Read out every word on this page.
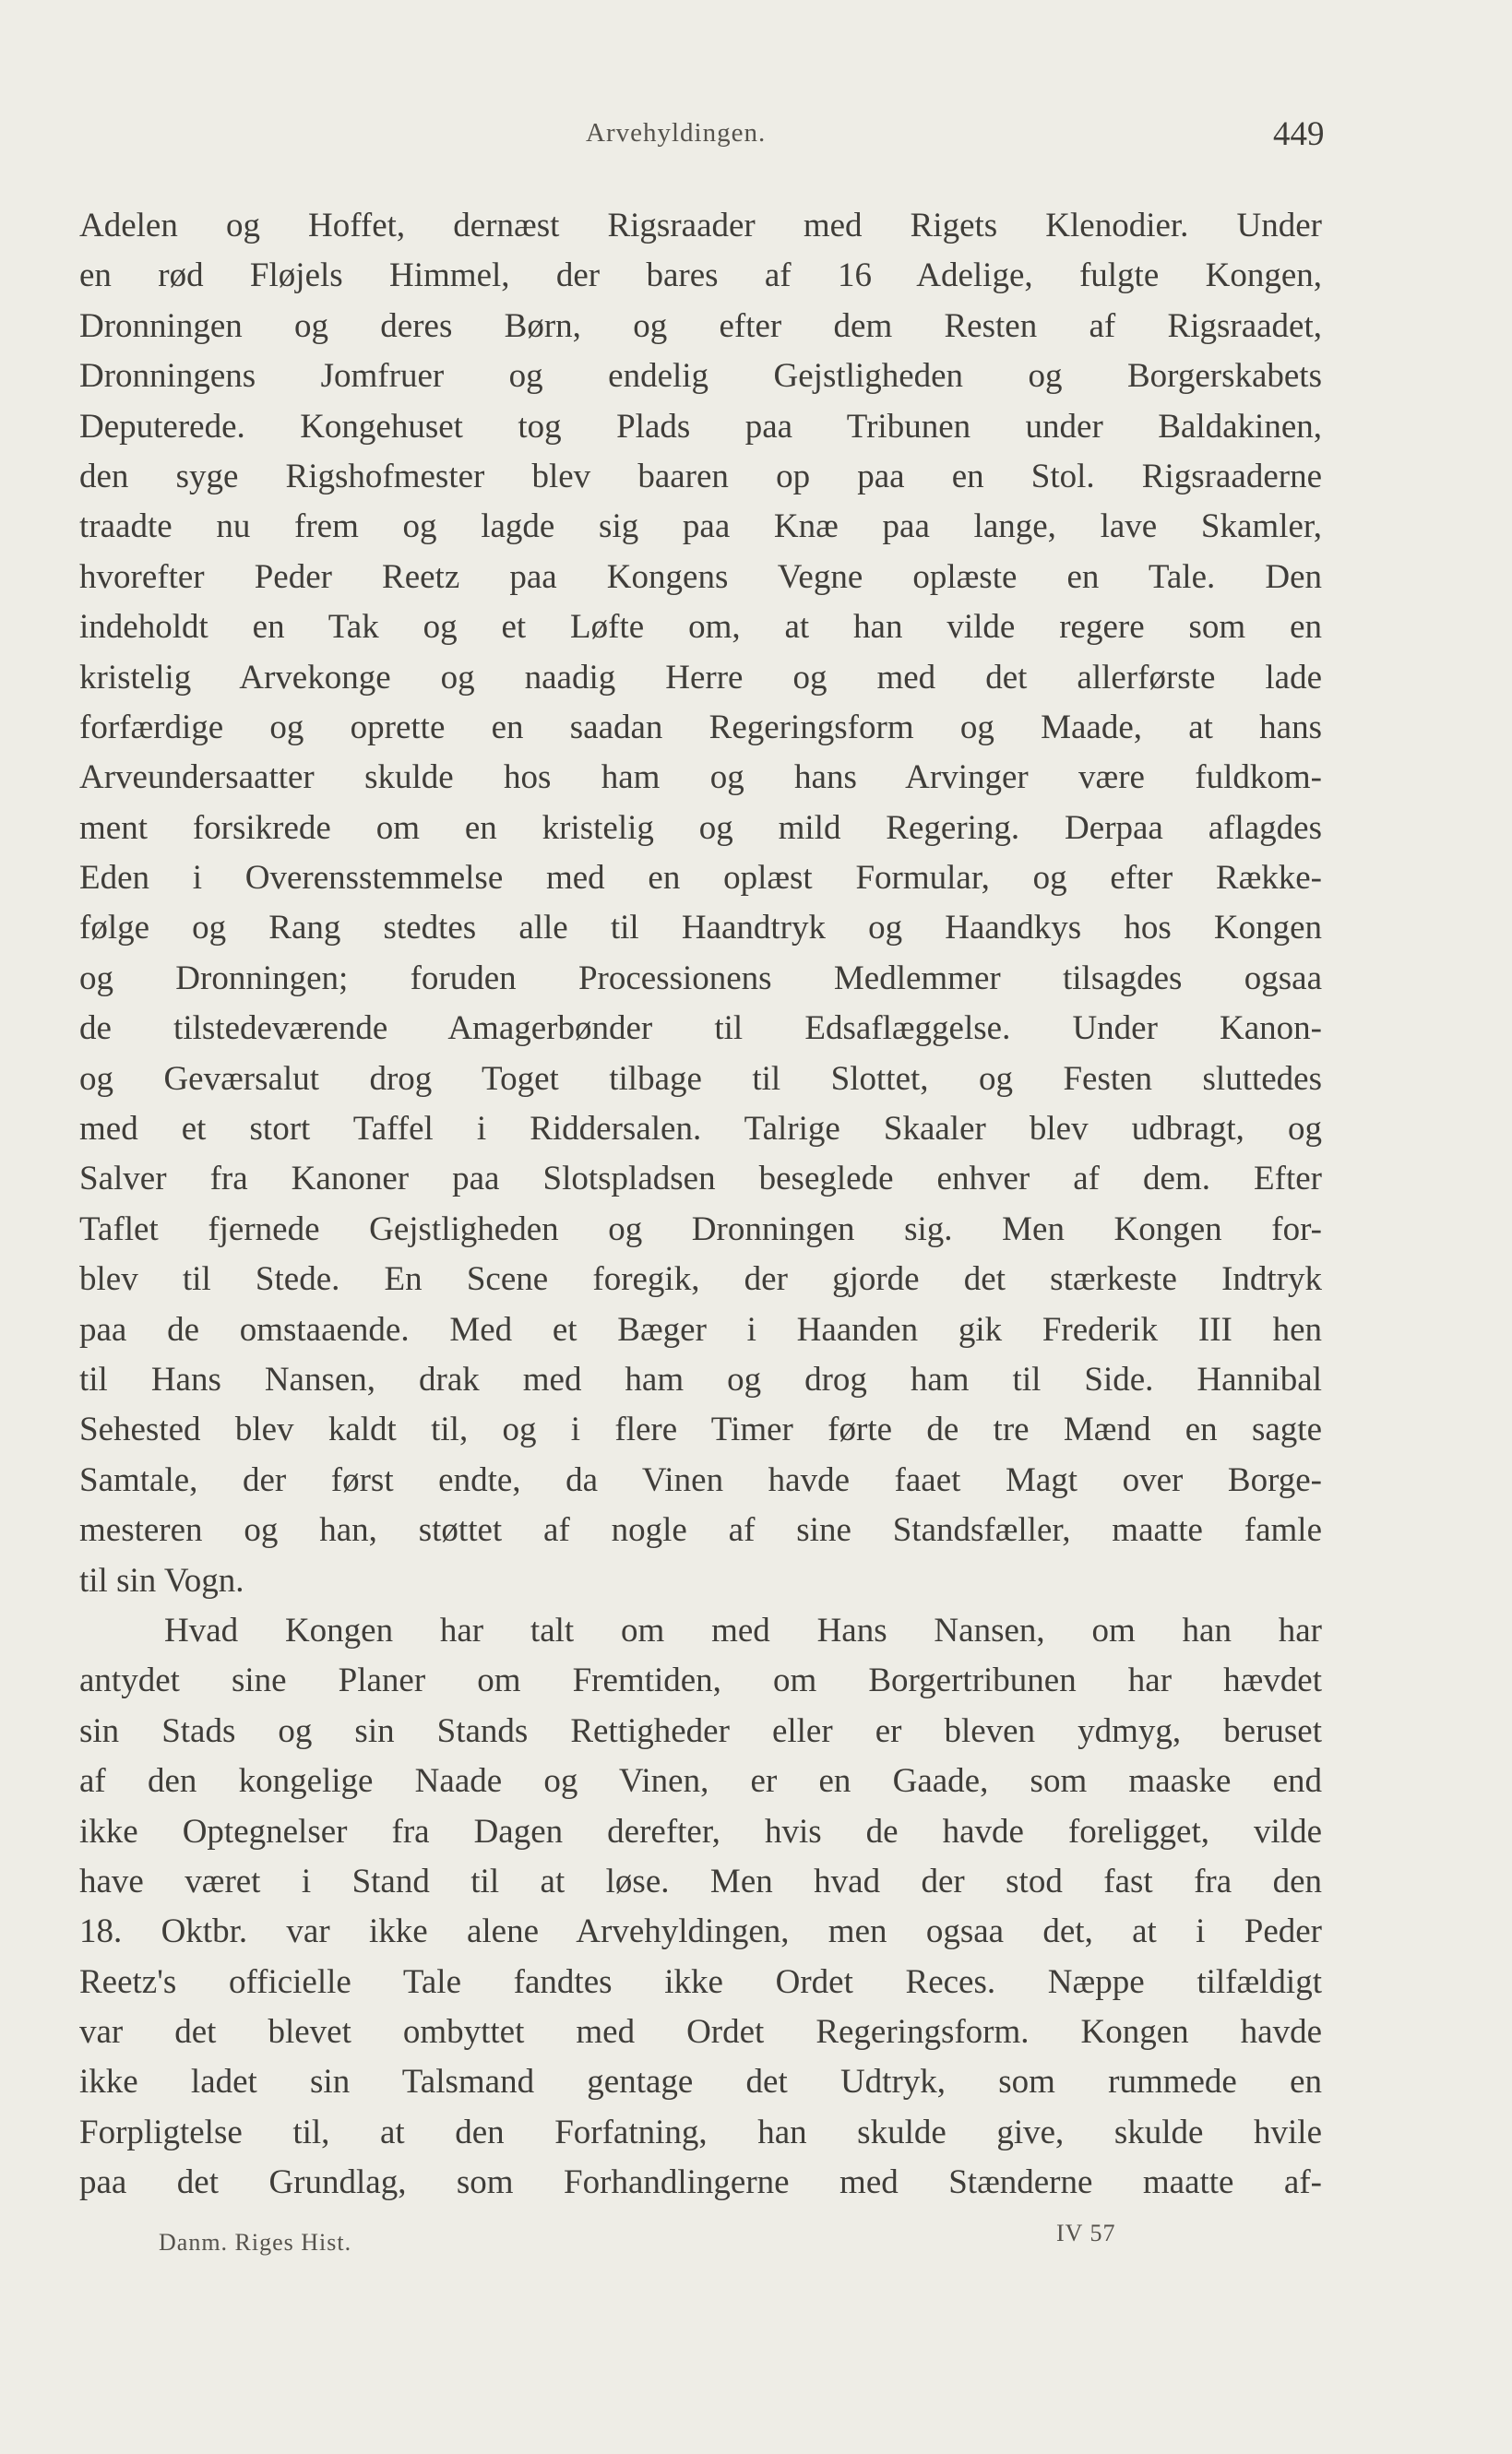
Arvehyldingen.	449
Adelen og Hoffet, dernæst Rigsraader med Rigets Klenodier. Under
en rød Fløjels Himmel, der bares af 16 Adelige, fulgte Kongen,
Dronningen og deres Børn, og efter dem Resten af Rigsraadet,
Dronningens Jomfruer og endelig Gejstligheden og Borgerskabets
Deputerede. Kongehuset tog Plads paa Tribunen under Baldakinen,
den syge Rigshofmester blev baaren op paa en Stol. Rigsraaderne
traadte nu frem og lagde sig paa Knæ paa lange, lave Skamler,
hvorefter Peder Reetz paa Kongens Vegne oplæste en Tale. Den
indeholdt en Tak og et Løfte om, at han vilde regere som en
kristelig Arvekonge og naadig Herre og med det allerførste lade
forfærdige og oprette en saadan Regeringsform og Maade, at hans
Arveundersaatter skulde hos ham og hans Arvinger være fuldkom-
ment forsikrede om en kristelig og mild Regering. Derpaa aflagdes
Eden i Overensstemmelse med en oplæst Formular, og efter Række-
følge og Rang stedtes alle til Haandtryk og Haandkys hos Kongen
og Dronningen; foruden Processionens Medlemmer tilsagdes ogsaa
de tilstedeværende Amagerbønder til Edsaflæggelse. Under Kanon-
og Geværsalut drog Toget tilbage til Slottet, og Festen sluttedes
med et stort Taffel i Riddersalen. Talrige Skaaler blev udbragt, og
Salver fra Kanoner paa Slotspladsen beseglede enhver af dem. Efter
Taflet fjernede Gejstligheden og Dronningen sig. Men Kongen for-
blev til Stede. En Scene foregik, der gjorde det stærkeste Indtryk
paa de omstaaende. Med et Bæger i Haanden gik Frederik III hen
til Hans Nansen, drak med ham og drog ham til Side. Hannibal
Sehested blev kaldt til, og i flere Timer førte de tre Mænd en sagte
Samtale, der først endte, da Vinen havde faaet Magt over Borge-
mesteren og han, støttet af nogle af sine Standsfæller, maatte famle
til sin Vogn.
Hvad Kongen har talt om med Hans Nansen, om han har
antydet sine Planer om Fremtiden, om Borgertribunen har hævdet
sin Stads og sin Stands Rettigheder eller er bleven ydmyg, beruset
af den kongelige Naade og Vinen, er en Gaade, som maaske end
ikke Optegnelser fra Dagen derefter, hvis de havde foreligget, vilde
have været i Stand til at løse. Men hvad der stod fast fra den
18. Oktbr. var ikke alene Arvehyldingen, men ogsaa det, at i Peder
Reetz's officielle Tale fandtes ikke Ordet Reces. Næppe tilfældigt
var det blevet ombyttet med Ordet Regeringsform. Kongen havde
ikke ladet sin Talsmand gentage det Udtryk, som rummede en
Forpligtelse til, at den Forfatning, han skulde give, skulde hvile
paa det Grundlag, som Forhandlingerne med Stænderne maatte af-
Danm. Riges Hist.	IV 57
